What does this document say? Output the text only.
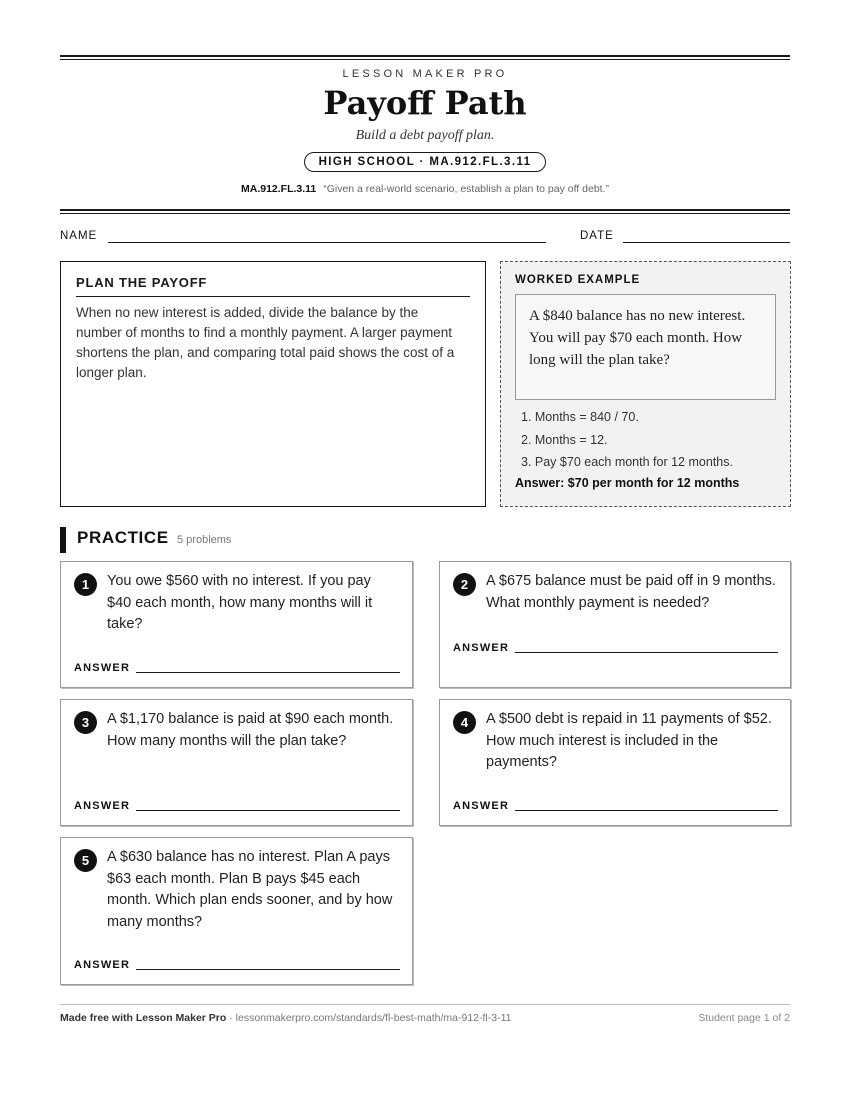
LESSON MAKER PRO
Payoff Path
Build a debt payoff plan.
HIGH SCHOOL · MA.912.FL.3.11
MA.912.FL.3.11 “Given a real-world scenario, establish a plan to pay off debt.”
NAME	DATE
PLAN THE PAYOFF

When no new interest is added, divide the balance by the number of months to find a monthly payment. A larger payment shortens the plan, and comparing total paid shows the cost of a longer plan.

WORKED EXAMPLE
A $840 balance has no new interest. You will pay $70 each month. How long will the plan take?
1. Months = 840 / 70.
2. Months = 12.
3. Pay $70 each month for 12 months.
Answer: $70 per month for 12 months
PRACTICE 5 problems
1	You owe $560 with no interest. If you pay $40 each month, how many months will it take?
ANSWER
2	A $675 balance must be paid off in 9 months. What monthly payment is needed?
ANSWER
3	A $1,170 balance is paid at $90 each month. How many months will the plan take?
ANSWER
4	A $500 debt is repaid in 11 payments of $52. How much interest is included in the payments?
ANSWER
5	A $630 balance has no interest. Plan A pays $63 each month. Plan B pays $45 each month. Which plan ends sooner, and by how many months?
ANSWER
Made free with Lesson Maker Pro · lessonmakerpro.com/standards/fl-best-math/ma-912-fl-3-11	Student page 1 of 2
